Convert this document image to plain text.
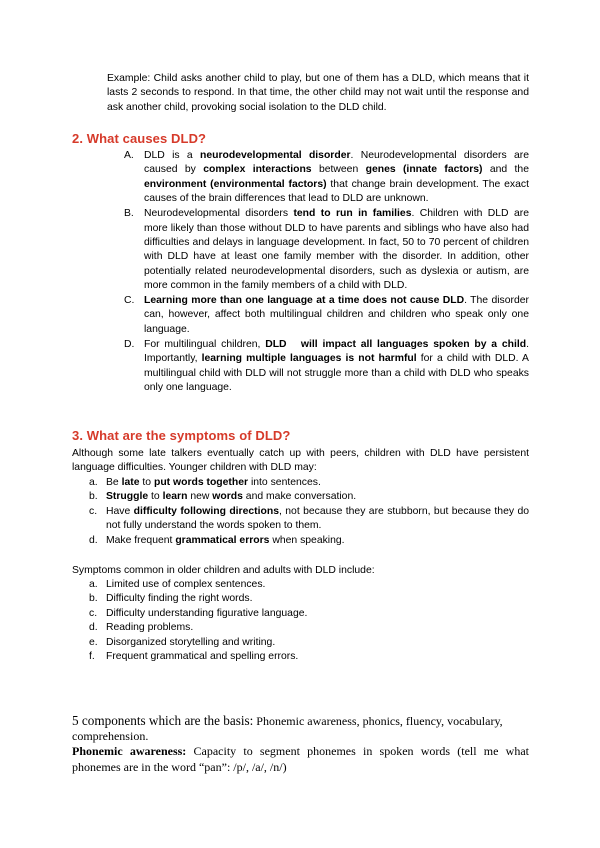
Example: Child asks another child to play, but one of them has a DLD, which means that it lasts 2 seconds to respond. In that time, the other child may not wait until the response and ask another child, provoking social isolation to the DLD child.

2. What causes DLD?
A. DLD is a neurodevelopmental disorder. Neurodevelopmental disorders are caused by complex interactions between genes (innate factors) and the environment (environmental factors) that change brain development. The exact causes of the brain differences that lead to DLD are unknown.
B. Neurodevelopmental disorders tend to run in families. Children with DLD are more likely than those without DLD to have parents and siblings who have also had difficulties and delays in language development. In fact, 50 to 70 percent of children with DLD have at least one family member with the disorder. In addition, other potentially related neurodevelopmental disorders, such as dyslexia or autism, are more common in the family members of a child with DLD.
C. Learning more than one language at a time does not cause DLD. The disorder can, however, affect both multilingual children and children who speak only one language.
D. For multilingual children, DLD   will impact all languages spoken by a child. Importantly, learning multiple languages is not harmful for a child with DLD. A multilingual child with DLD will not struggle more than a child with DLD who speaks only one language.
3. What are the symptoms of DLD?

Although some late talkers eventually catch up with peers, children with DLD have persistent language difficulties. Younger children with DLD may:

a. Be late to put words together into sentences.
b. Struggle to learn new words and make conversation.
c. Have difficulty following directions, not because they are stubborn, but because they do not fully understand the words spoken to them.
d. Make frequent grammatical errors when speaking.

Symptoms common in older children and adults with DLD include:

a. Limited use of complex sentences.
b. Difficulty finding the right words.
c. Difficulty understanding figurative language.
d. Reading problems.
e. Disorganized storytelling and writing.
f. Frequent grammatical and spelling errors.

5 components which are the basis: Phonemic awareness, phonics, fluency, vocabulary, comprehension.

Phonemic awareness: Capacity to segment phonemes in spoken words (tell me what phonemes are in the word “pan”: /p/, /a/, /n/)
